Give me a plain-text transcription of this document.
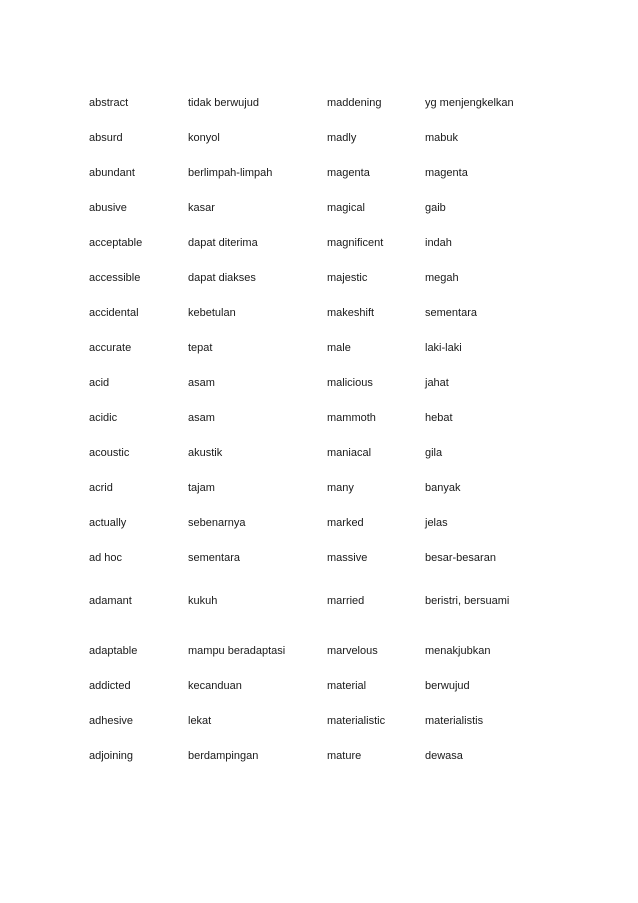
abstract	tidak berwujud	maddening	yg menjengkelkan
absurd	konyol	madly	mabuk
abundant	berlimpah-limpah	magenta	magenta
abusive	kasar	magical	gaib
acceptable	dapat diterima	magnificent	indah
accessible	dapat diakses	majestic	megah
accidental	kebetulan	makeshift	sementara
accurate	tepat	male	laki-laki
acid	asam	malicious	jahat
acidic	asam	mammoth	hebat
acoustic	akustik	maniacal	gila
acrid	tajam	many	banyak
actually	sebenarnya	marked	jelas
ad hoc	sementara	massive	besar-besaran
adamant	kukuh	married	beristri, bersuami
adaptable	mampu beradaptasi	marvelous	menakjubkan
addicted	kecanduan	material	berwujud
adhesive	lekat	materialistic	materialistis
adjoining	berdampingan	mature	dewasa
